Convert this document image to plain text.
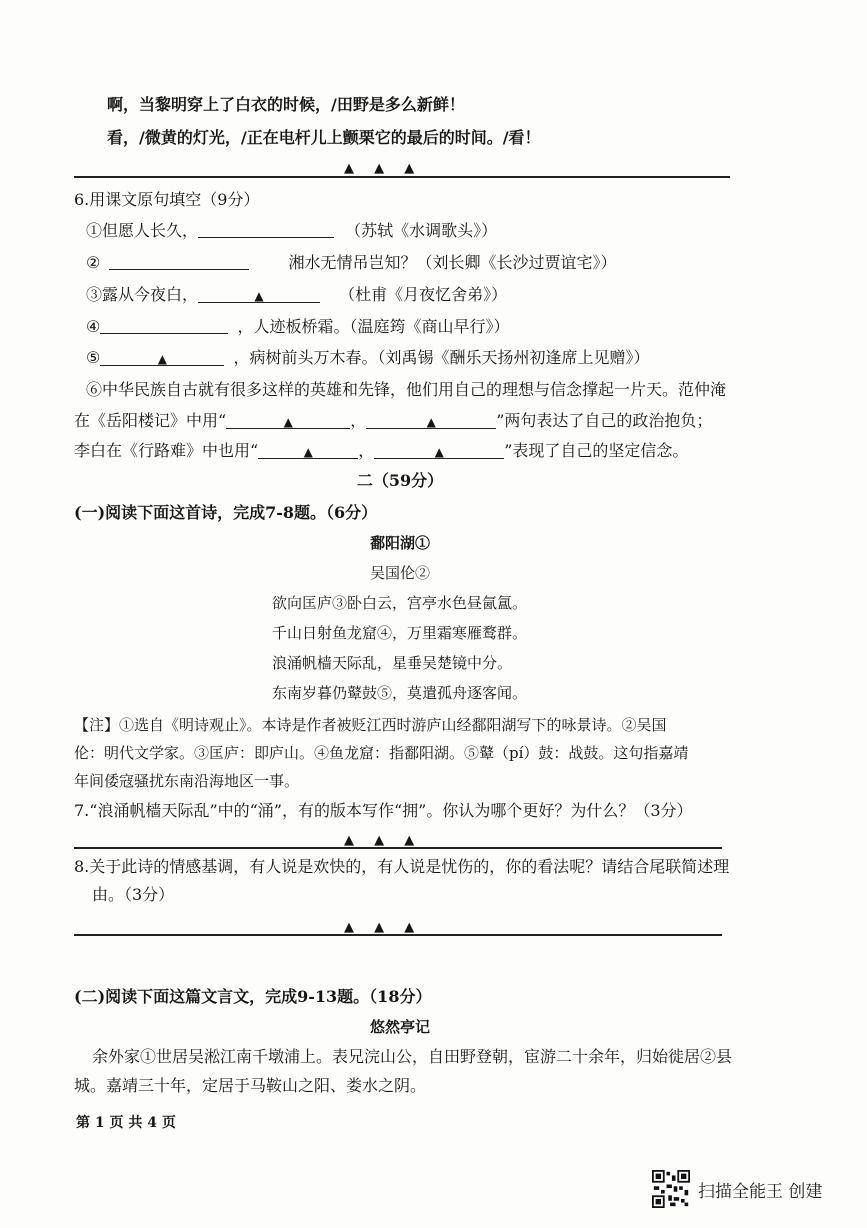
啊，当黎明穿上了白衣的时候，/田野是多么新鲜！
看，/微黄的灯光，/正在电杆儿上颤栗它的最后的时间。/看！
▲ ▲ ▲
6.用课文原句填空（9分）
①但愿人长久，	（苏轼《水调歌头》）
②	湘水无情吊岂知？（刘长卿《长沙过贾谊宅》）
③露从今夜白，	▲	（杜甫《月夜忆舍弟》）
④	，人迹板桥霜。（温庭筠《商山早行》）
⑤	▲	，病树前头万木春。（刘禹锡《酬乐天扬州初逢席上见赠》）
⑥中华民族自古就有很多这样的英雄和先锋，他们用自己的理想与信念撑起一片天。范仲淹
在《岳阳楼记》中用“	▲	，	▲	”两句表达了自己的政治抱负；
李白在《行路难》中也用“	▲	，	▲	”表现了自己的坚定信念。
二（59分）
(一)阅读下面这首诗，完成7-8题。（6分）
鄱阳湖①
吴国伦②
欲向匡庐③卧白云，宫亭水色昼氤氲。
千山日射鱼龙窟④，万里霜寒雁鹜群。
浪涌帆樯天际乱，星垂吴楚镜中分。
东南岁暮仍鼙鼓⑤，莫遣孤舟逐客闻。
【注】①选自《明诗观止》。本诗是作者被贬江西时游庐山经鄱阳湖写下的咏景诗。②吴国
伦：明代文学家。③匡庐：即庐山。④鱼龙窟：指鄱阳湖。⑤鼙（pí）鼓：战鼓。这句指嘉靖
年间倭寇骚扰东南沿海地区一事。
7.“浪涌帆樯天际乱”中的“涌”，有的版本写作“拥”。你认为哪个更好？为什么？（3分）
▲ ▲ ▲
8.关于此诗的情感基调，有人说是欢快的，有人说是忧伤的，你的看法呢？请结合尾联简述理
由。（3分）
▲ ▲ ▲
(二)阅读下面这篇文言文，完成9-13题。（18分）
悠然亭记
余外家①世居吴淞江南千墩浦上。表兄浣山公，自田野登朝，宦游二十余年，归始徙居②县
城。嘉靖三十年，定居于马鞍山之阳、娄水之阴。
第 1 页 共 4 页
扫描全能王 创建
